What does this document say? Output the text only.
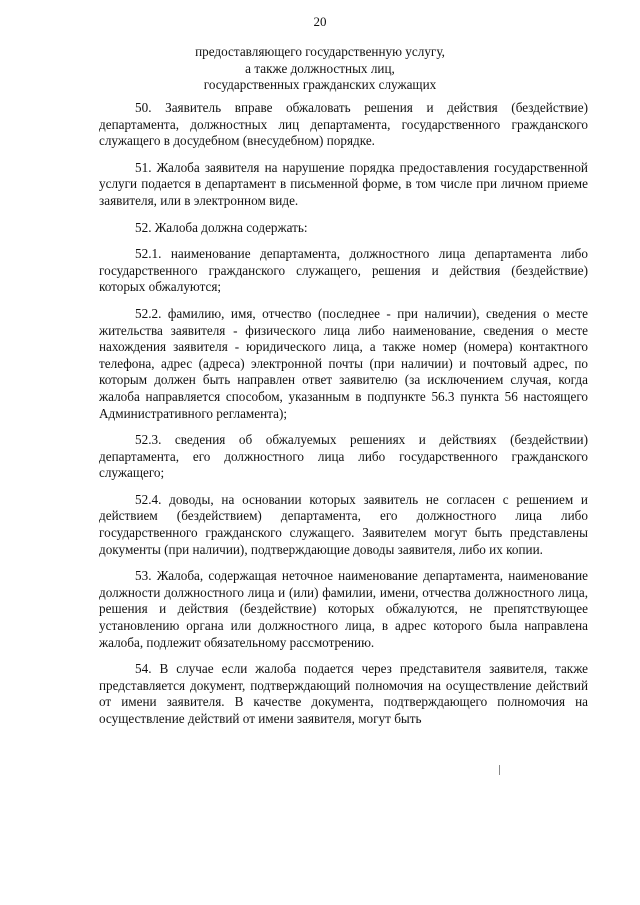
20
предоставляющего государственную услугу,
а также должностных лиц,
государственных гражданских служащих

50. Заявитель вправе обжаловать решения и действия (бездействие) департамента, должностных лиц департамента, государственного гражданского служащего в досудебном (внесудебном) порядке.

51. Жалоба заявителя на нарушение порядка предоставления государственной услуги подается в департамент в письменной форме, в том числе при личном приеме заявителя, или в электронном виде.

52. Жалоба должна содержать:

52.1. наименование департамента, должностного лица департамента либо государственного гражданского служащего, решения и действия (бездействие) которых обжалуются;

52.2. фамилию, имя, отчество (последнее - при наличии), сведения о месте жительства заявителя - физического лица либо наименование, сведения о месте нахождения заявителя - юридического лица, а также номер (номера) контактного телефона, адрес (адреса) электронной почты (при наличии) и почтовый адрес, по которым должен быть направлен ответ заявителю (за исключением случая, когда жалоба направляется способом, указанным в подпункте 56.3 пункта 56 настоящего Административного регламента);

52.3. сведения об обжалуемых решениях и действиях (бездействии) департамента, его должностного лица либо государственного гражданского служащего;

52.4. доводы, на основании которых заявитель не согласен с решением и действием (бездействием) департамента, его должностного лица либо государственного гражданского служащего. Заявителем могут быть представлены документы (при наличии), подтверждающие доводы заявителя, либо их копии.

53. Жалоба, содержащая неточное наименование департамента, наименование должности должностного лица и (или) фамилии, имени, отчества должностного лица, решения и действия (бездействие) которых обжалуются, не препятствующее установлению органа или должностного лица, в адрес которого была направлена жалоба, подлежит обязательному рассмотрению.

54. В случае если жалоба подается через представителя заявителя, также представляется документ, подтверждающий полномочия на осуществление действий от имени заявителя. В качестве документа, подтверждающего полномочия на осуществление действий от имени заявителя, могут быть
